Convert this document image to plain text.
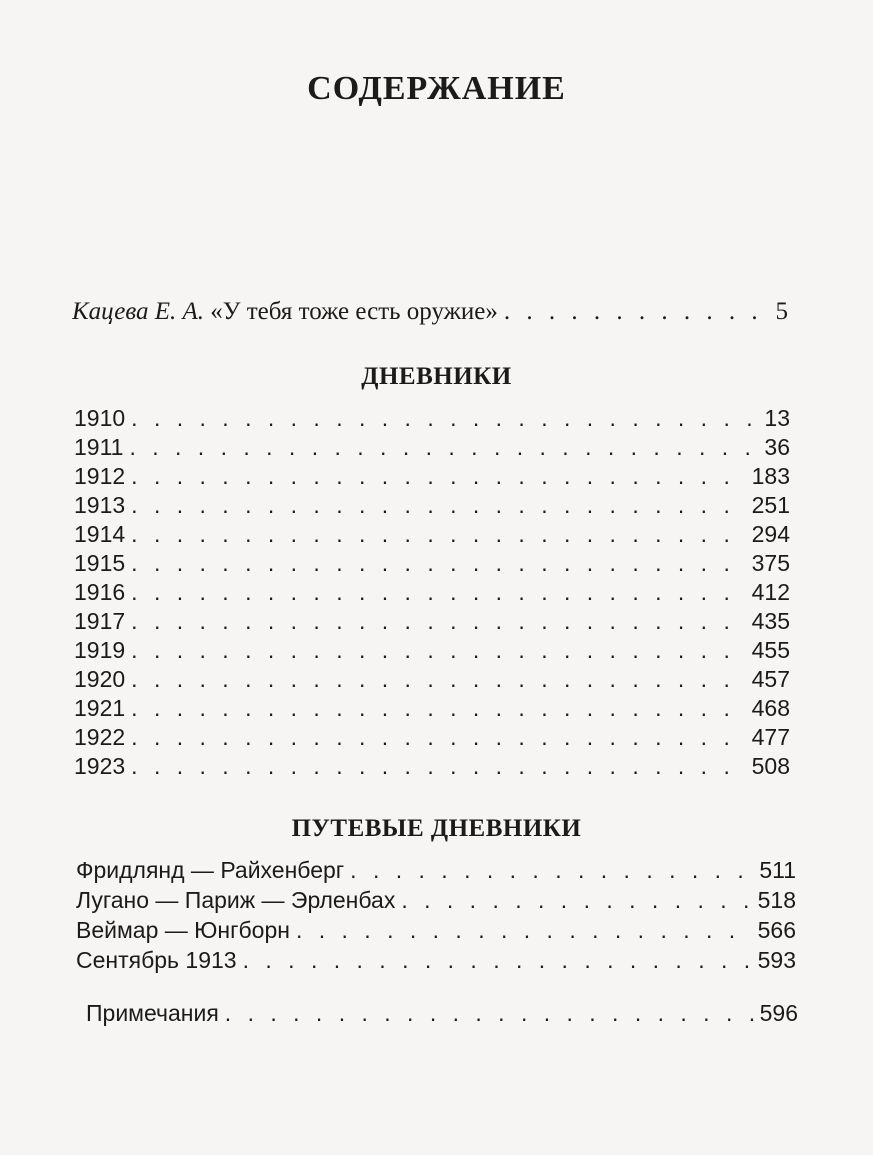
СОДЕРЖАНИЕ
Кацева Е. А. «У тебя тоже есть оружие» . . .	5
ДНЕВНИКИ
1910 . . .	13
1911 . . .	36
1912 . . .	183
1913 . . .	251
1914 . . .	294
1915 . . .	375
1916 . . .	412
1917 . . .	435
1919 . . .	455
1920 . . .	457
1921 . . .	468
1922 . . .	477
1923 . . .	508
ПУТЕВЫЕ ДНЕВНИКИ
Фридлянд — Райхенберг . . .	511
Лугано — Париж — Эрленбах . . .	518
Веймар — Юнгборн . . .	566
Сентябрь 1913 . . .	593
Примечания . . .	596
